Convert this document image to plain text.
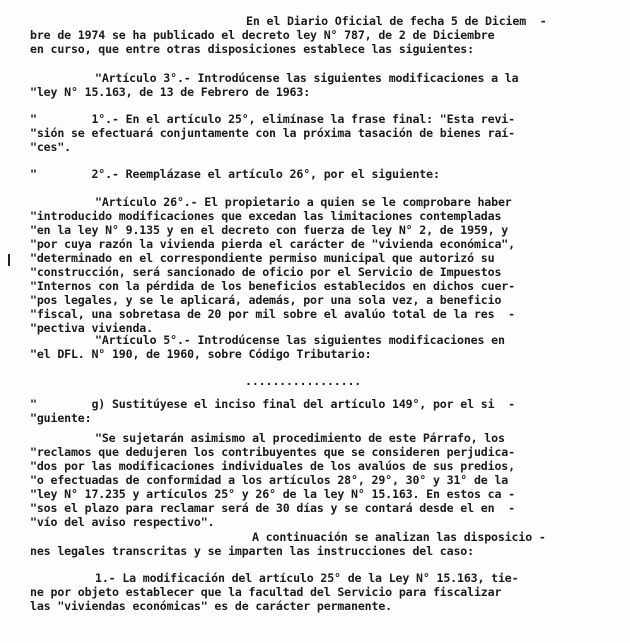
En el Diario Oficial de fecha 5 de Diciem  -
bre de 1974 se ha publicado el decreto ley N° 787, de 2 de Diciembre
en curso, que entre otras disposiciones establece las siguientes:
"Artículo 3°.- Introdúcense las siguientes modificaciones a la
"ley N° 15.163, de 13 de Febrero de 1963:
"        1°.- En el artículo 25°, elimínase la frase final: "Esta revi-
"sión se efectuará conjuntamente con la próxima tasación de bienes raí-
"ces".
"        2°.- Reemplázase el artículo 26°, por el siguiente:
"Artículo 26°.- El propietario a quien se le comprobare haber
"introducido modificaciones que excedan las limitaciones contempladas
"en la ley N° 9.135 y en el decreto con fuerza de ley N° 2, de 1959, y
"por cuya razón la vivienda pierda el carácter de "vivienda económica",
"determinado en el correspondiente permiso municipal que autorizó su
"construcción, será sancionado de oficio por el Servicio de Impuestos
"Internos con la pérdida de los beneficios establecidos en dichos cuer-
"pos legales, y se le aplicará, además, por una sola vez, a beneficio
"fiscal, una sobretasa de 20 por mil sobre el avalúo total de la res  -
"pectiva vivienda.
"Artículo 5°.- Introdúcense las siguientes modificaciones en
"el DFL. N° 190, de 1960, sobre Código Tributario:
.................
"        g) Sustitúyese el inciso final del artículo 149°, por el si  -
"guiente:
"Se sujetarán asimismo al procedimiento de este Párrafo, los
"reclamos que dedujeren los contribuyentes que se consideren perjudica-
"dos por las modificaciones individuales de los avalúos de sus predios,
"o efectuadas de conformidad a los artículos 28°, 29°, 30° y 31° de la
"ley N° 17.235 y artículos 25° y 26° de la ley N° 15.163. En estos ca -
"sos el plazo para reclamar será de 30 días y se contará desde el en  -
"vío del aviso respectivo".
A continuación se analizan las disposicio -
nes legales transcritas y se imparten las instrucciones del caso:
1.- La modificación del artículo 25° de la Ley N° 15.163, tie-
ne por objeto establecer que la facultad del Servicio para fiscalizar
las "viviendas económicas" es de carácter permanente.
